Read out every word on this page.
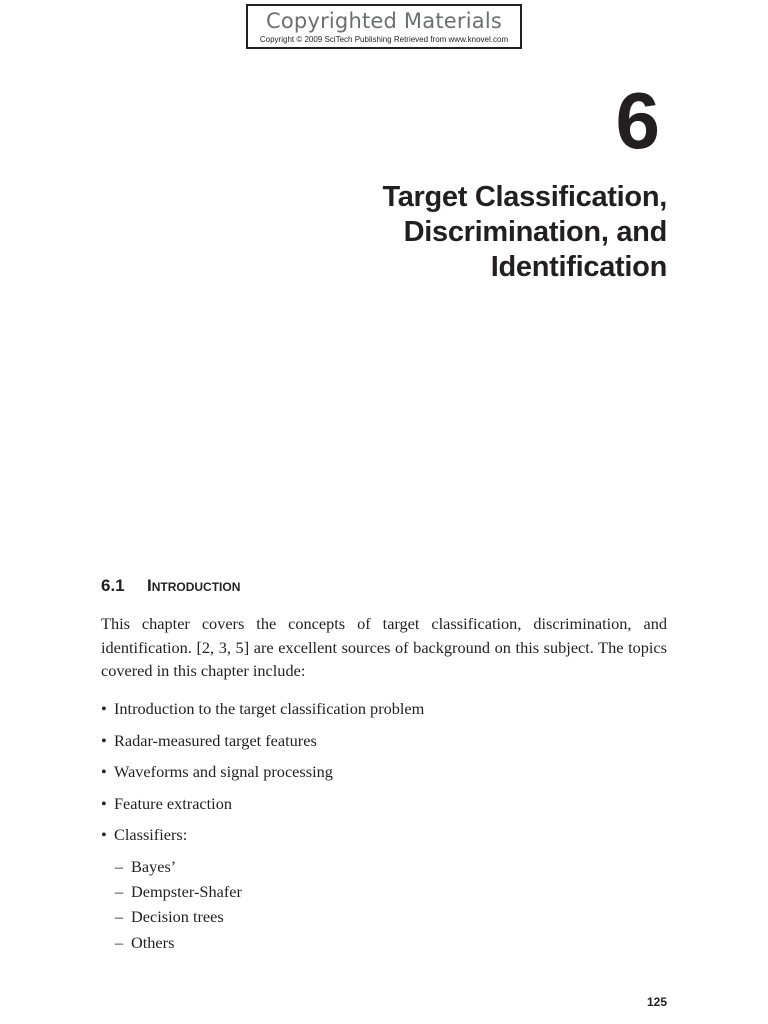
Copyrighted Materials
Copyright © 2009 SciTech Publishing Retrieved from www.knovel.com
6
Target Classification,
Discrimination, and
Identification
6.1 Introduction

This chapter covers the concepts of target classification, discrimination, and identification. [2, 3, 5] are excellent sources of background on this subject. The topics covered in this chapter include:

• Introduction to the target classification problem
• Radar-measured target features
• Waveforms and signal processing
• Feature extraction
• Classifiers:
– Bayes’
– Dempster-Shafer
– Decision trees
– Others
125
